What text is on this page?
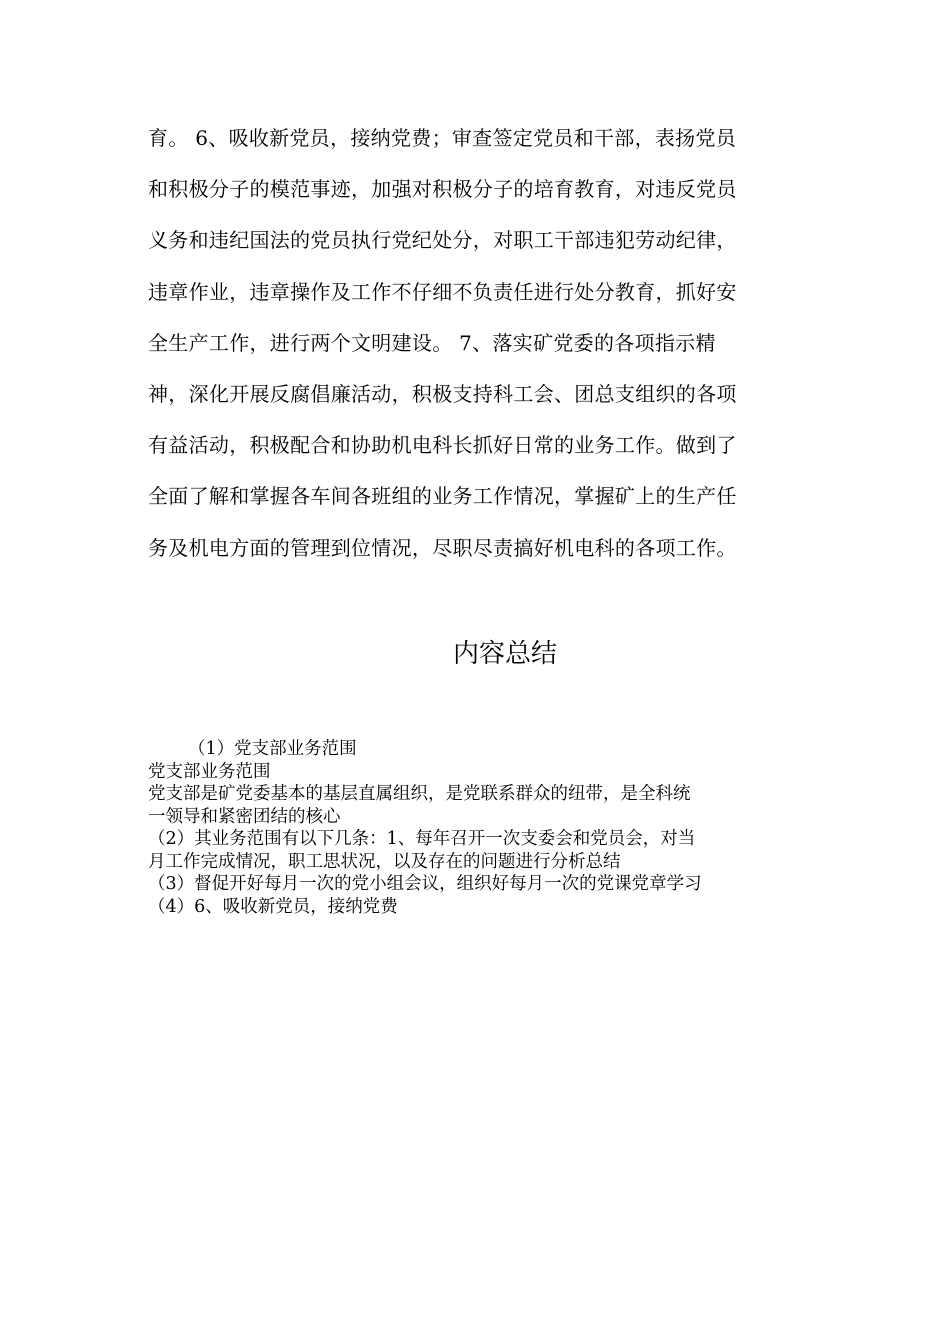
育。 6、吸收新党员，接纳党费；审查签定党员和干部，表扬党员
和积极分子的模范事迹，加强对积极分子的培育教育，对违反党员
义务和违纪国法的党员执行党纪处分，对职工干部违犯劳动纪律，
违章作业，违章操作及工作不仔细不负责任进行处分教育，抓好安
全生产工作，进行两个文明建设。 7、落实矿党委的各项指示精
神，深化开展反腐倡廉活动，积极支持科工会、团总支组织的各项
有益活动，积极配合和协助机电科长抓好日常的业务工作。做到了
全面了解和掌握各车间各班组的业务工作情况，掌握矿上的生产任
务及机电方面的管理到位情况，尽职尽责搞好机电科的各项工作。
内容总结
（1）党支部业务范围
党支部业务范围
党支部是矿党委基本的基层直属组织，是党联系群众的纽带，是全科统
一领导和紧密团结的核心
（2）其业务范围有以下几条：1、每年召开一次支委会和党员会，对当
月工作完成情况，职工思状况，以及存在的问题进行分析总结
（3）督促开好每月一次的党小组会议，组织好每月一次的党课党章学习
（4）6、吸收新党员，接纳党费
